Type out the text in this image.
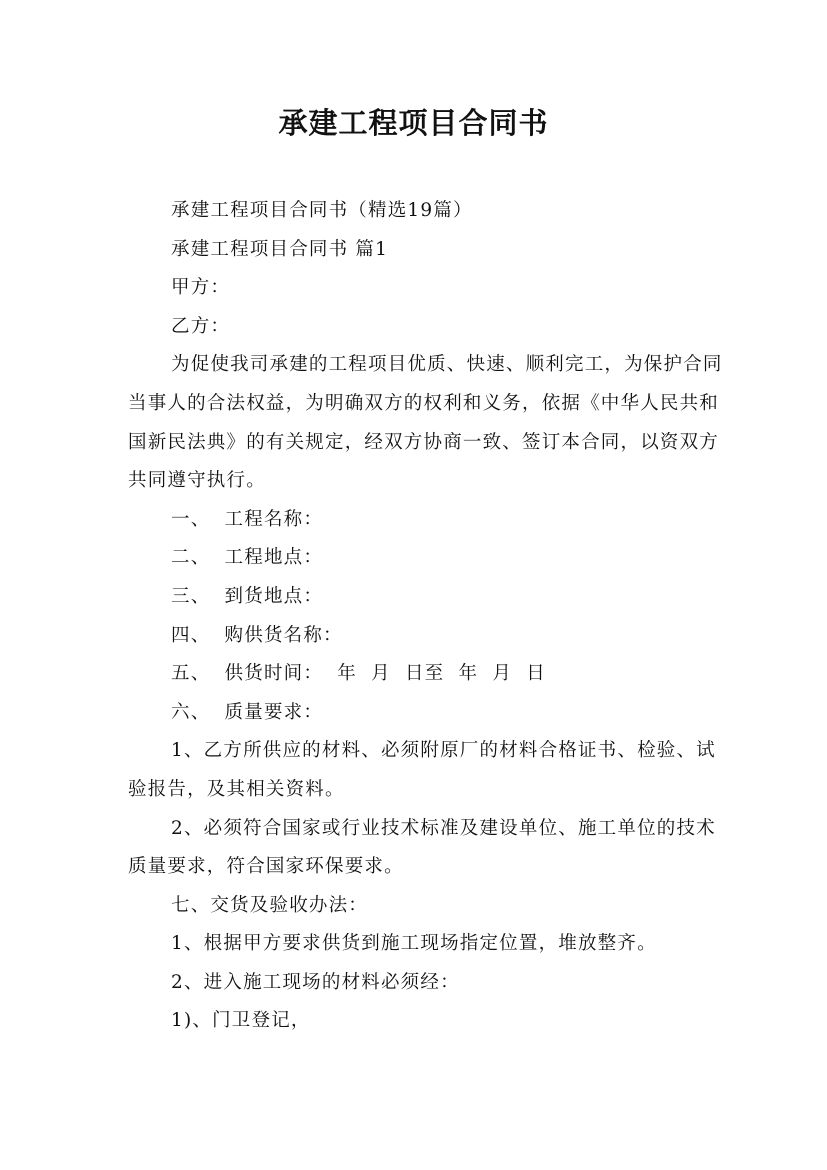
承建工程项目合同书

承建工程项目合同书（精选19篇）

承建工程项目合同书 篇1

甲方：

乙方：

为促使我司承建的工程项目优质、快速、顺利完工，为保护合同当事人的合法权益，为明确双方的权利和义务，依据《中华人民共和国新民法典》的有关规定，经双方协商一致、签订本合同，以资双方共同遵守执行。

一、  工程名称：

二、  工程地点：

三、  到货地点：

四、  购供货名称：

五、  供货时间：  年  月  日至  年  月  日

六、  质量要求：

1、乙方所供应的材料、必须附原厂的材料合格证书、检验、试验报告，及其相关资料。

2、必须符合国家或行业技术标准及建设单位、施工单位的技术质量要求，符合国家环保要求。

七、交货及验收办法：

1、根据甲方要求供货到施工现场指定位置，堆放整齐。

2、进入施工现场的材料必须经：

1)、门卫登记，
